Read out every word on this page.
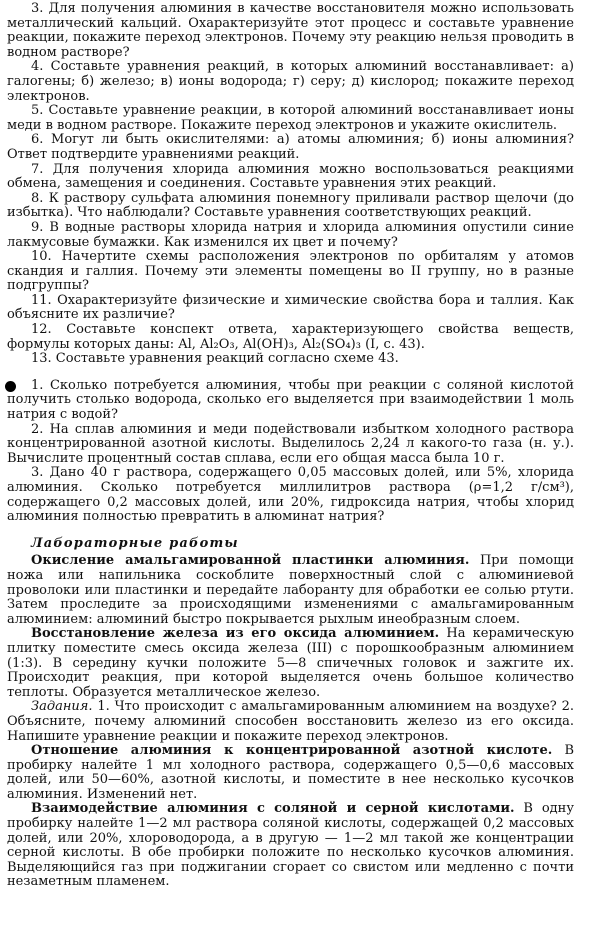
3. Для получения алюминия в качестве восстановителя можно использовать металлический кальций. Охарактеризуйте этот процесс и составьте уравнение реакции, покажите переход электронов. Почему эту реакцию нельзя проводить в водном растворе?

4. Составьте уравнения реакций, в которых алюминий восстанавливает: а) галогены; б) железо; в) ионы водорода; г) серу; д) кислород; покажите переход электронов.

5. Составьте уравнение реакции, в которой алюминий восстанавливает ионы меди в водном растворе. Покажите переход электронов и укажите окислитель.

6. Могут ли быть окислителями: а) атомы алюминия; б) ионы алюминия? Ответ подтвердите уравнениями реакций.

7. Для получения хлорида алюминия можно воспользоваться реакциями обмена, замещения и соединения. Составьте уравнения этих реакций.

8. К раствору сульфата алюминия понемногу приливали раствор щелочи (до избытка). Что наблюдали? Составьте уравнения соответствующих реакций.

9. В водные растворы хлорида натрия и хлорида алюминия опустили синие лакмусовые бумажки. Как изменился их цвет и почему?

10. Начертите схемы расположения электронов по орбиталям у атомов скандия и галлия. Почему эти элементы помещены во II группу, но в разные подгруппы?

11. Охарактеризуйте физические и химические свойства бора и таллия. Как объясните их различие?

12. Составьте конспект ответа, характеризующего свойства веществ, формулы которых даны: Al, Al₂O₃, Al(OH)₃, Al₂(SO₄)₃ (I, с. 43).

13. Составьте уравнения реакций согласно схеме 43.

1. Сколько потребуется алюминия, чтобы при реакции с соляной кислотой получить столько водорода, сколько его выделяется при взаимодействии 1 моль натрия с водой?

2. На сплав алюминия и меди подействовали избытком холодного раствора концентрированной азотной кислоты. Выделилось 2,24 л какого-то газа (н. у.). Вычислите процентный состав сплава, если его общая масса была 10 г.

3. Дано 40 г раствора, содержащего 0,05 массовых долей, или 5%, хлорида алюминия. Сколько потребуется миллилитров раствора (ρ=1,2 г/см³), содержащего 0,2 массовых долей, или 20%, гидроксида натрия, чтобы хлорид алюминия полностью превратить в алюминат натрия?

Лабораторные работы

Окисление амальгамированной пластинки алюминия. При помощи ножа или напильника соскоблите поверхностный слой с алюминиевой проволоки или пластинки и передайте лаборанту для обработки ее солью ртути. Затем проследите за происходящими изменениями с амальгамированным алюминием: алюминий быстро покрывается рыхлым инеобразным слоем.

Восстановление железа из его оксида алюминием. На керамическую плитку поместите смесь оксида железа (III) с порошкообразным алюминием (1:3). В середину кучки положите 5—8 спичечных головок и зажгите их. Происходит реакция, при которой выделяется очень большое количество теплоты. Образуется металлическое железо.

Задания. 1. Что происходит с амальгамированным алюминием на воздухе? 2. Объясните, почему алюминий способен восстановить железо из его оксида. Напишите уравнение реакции и покажите переход электронов.

Отношение алюминия к концентрированной азотной кислоте. В пробирку налейте 1 мл холодного раствора, содержащего 0,5—0,6 массовых долей, или 50—60%, азотной кислоты, и поместите в нее несколько кусочков алюминия. Изменений нет.

Взаимодействие алюминия с соляной и серной кислотами. В одну пробирку налейте 1—2 мл раствора соляной кислоты, содержащей 0,2 массовых долей, или 20%, хлороводорода, а в другую — 1—2 мл такой же концентрации серной кислоты. В обе пробирки положите по несколько кусочков алюминия. Выделяющийся газ при поджигании сгорает со свистом или медленно с почти незаметным пламенем.
